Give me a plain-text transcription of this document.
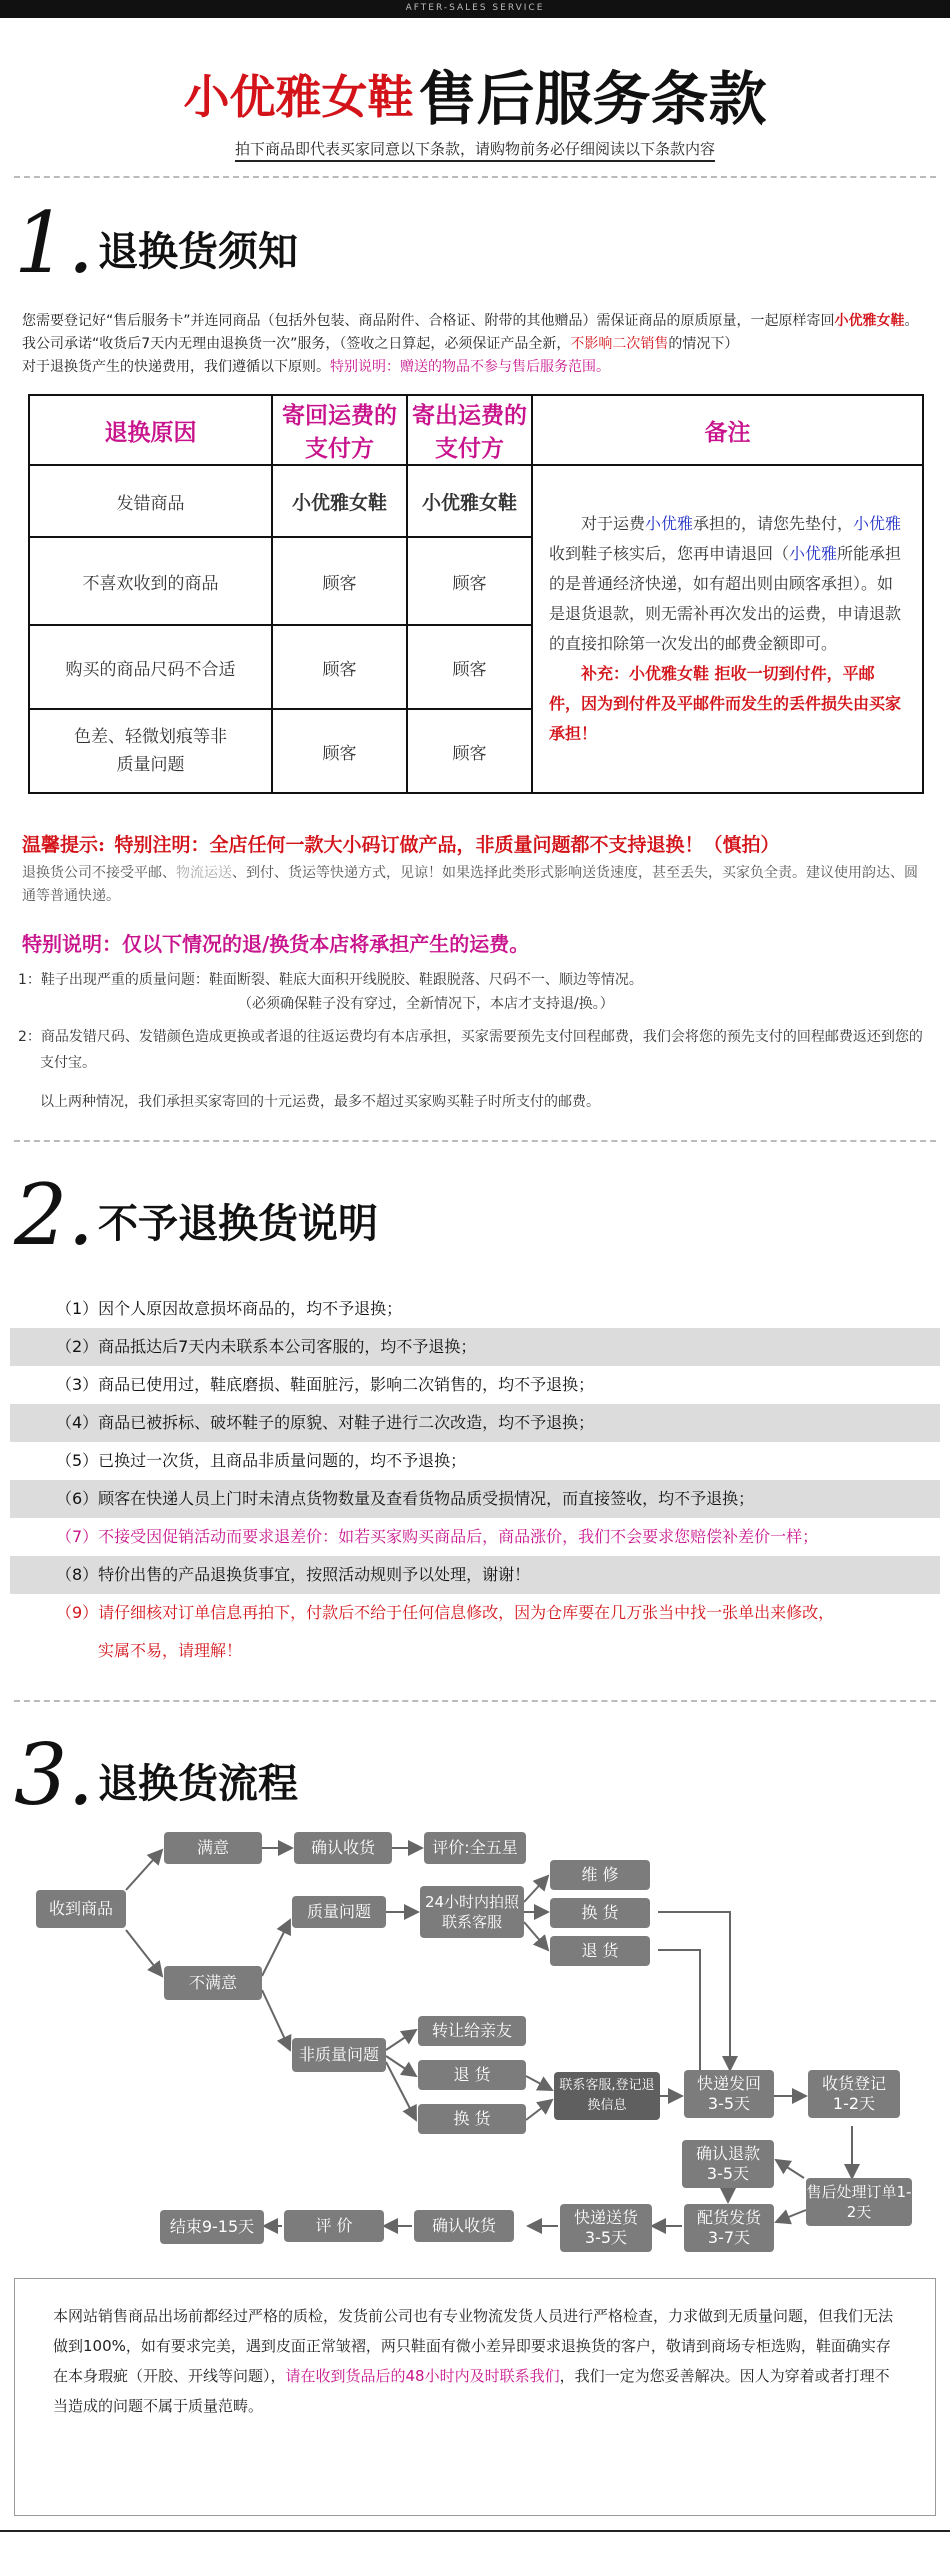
AFTER-SALES SERVICE
小优雅女鞋 售后服务条款
拍下商品即代表买家同意以下条款，请购物前务必仔细阅读以下条款内容
1. 退换货须知
您需要登记好“售后服务卡”并连同商品（包括外包装、商品附件、合格证、附带的其他赠品）需保证商品的原质原量，一起原样寄回小优雅女鞋。我公司承诺“收货后7天内无理由退换货一次”服务，（签收之日算起，必须保证产品全新，不影响二次销售的情况下）
对于退换货产生的快递费用，我们遵循以下原则。特别说明：赠送的物品不参与售后服务范围。
退换原因	寄回运费的支付方	寄出运费的支付方	备注
发错商品	小优雅女鞋	小优雅女鞋	  对于运费小优雅承担的，请您先垫付，小优雅收到鞋子核实后，您再申请退回（小优雅所能承担的是普通经济快递，如有超出则由顾客承担）。如是退货退款，则无需补再次发出的运费，申请退款的直接扣除第一次发出的邮费金额即可。
  补充：小优雅女鞋 拒收一切到付件，平邮件，因为到付件及平邮件而发生的丢件损失由买家承担！
不喜欢收到的商品	顾客	顾客	
购买的商品尺码不合适	顾客	顾客	
色差、轻微划痕等非质量问题	顾客	顾客	
温馨提示:  特别注明：全店任何一款大小码订做产品，非质量问题都不支持退换！（慎拍）
退换货公司不接受平邮、物流运送、到付、货运等快递方式，见谅！如果选择此类形式影响送货速度，甚至丢失，买家负全责。建议使用韵达、圆通等普通快递。
特别说明：仅以下情况的退/换货本店将承担产生的运费。
1：鞋子出现严重的质量问题：鞋面断裂、鞋底大面积开线脱胶、鞋跟脱落、尺码不一、顺边等情况。
（必须确保鞋子没有穿过，全新情况下，本店才支持退/换。）
2：商品发错尺码、发错颜色造成更换或者退的往返运费均有本店承担，买家需要预先支付回程邮费，我们会将您的预先支付的回程邮费返还到您的支付宝。
以上两种情况，我们承担买家寄回的十元运费，最多不超过买家购买鞋子时所支付的邮费。
2. 不予退换货说明
（1）因个人原因故意损坏商品的，均不予退换；
（2）商品抵达后7天内未联系本公司客服的，均不予退换；
（3）商品已使用过，鞋底磨损、鞋面脏污，影响二次销售的，均不予退换；
（4）商品已被拆标、破坏鞋子的原貌、对鞋子进行二次改造，均不予退换；
（5）已换过一次货，且商品非质量问题的，均不予退换；
（6）顾客在快递人员上门时未清点货物数量及查看货物品质受损情况，而直接签收，均不予退换；
（7）不接受因促销活动而要求退差价：如若买家购买商品后，商品涨价，我们不会要求您赔偿补差价一样；
（8）特价出售的产品退换货事宜，按照活动规则予以处理，谢谢！
（9）请仔细核对订单信息再拍下，付款后不给于任何信息修改，因为仓库要在几万张当中找一张单出来修改，
实属不易，请理解！
3. 退换货流程
收到商品
满意	确认收货	评价:全五星
不满意
质量问题	24小时内拍照联系客服
维 修
换 货
退 货
非质量问题
转让给亲友
退 货
换 货
联系客服,登记退换信息
快递发回
3-5天
收货登记
1-2天
确认退款
3-5天
售后处理订单1-2天
配货发货
3-7天
快递送货
3-5天
确认收货
评 价
结束9-15天
本网站销售商品出场前都经过严格的质检，发货前公司也有专业物流发货人员进行严格检查，力求做到无质量问题，但我们无法做到100%，如有要求完美，遇到皮面正常皱褶，两只鞋面有微小差异即要求退换货的客户，敬请到商场专柜选购，鞋面确实存在本身瑕疵（开胶、开线等问题），请在收到货品后的48小时内及时联系我们，我们一定为您妥善解决。因人为穿着或者打理不当造成的问题不属于质量范畴。
